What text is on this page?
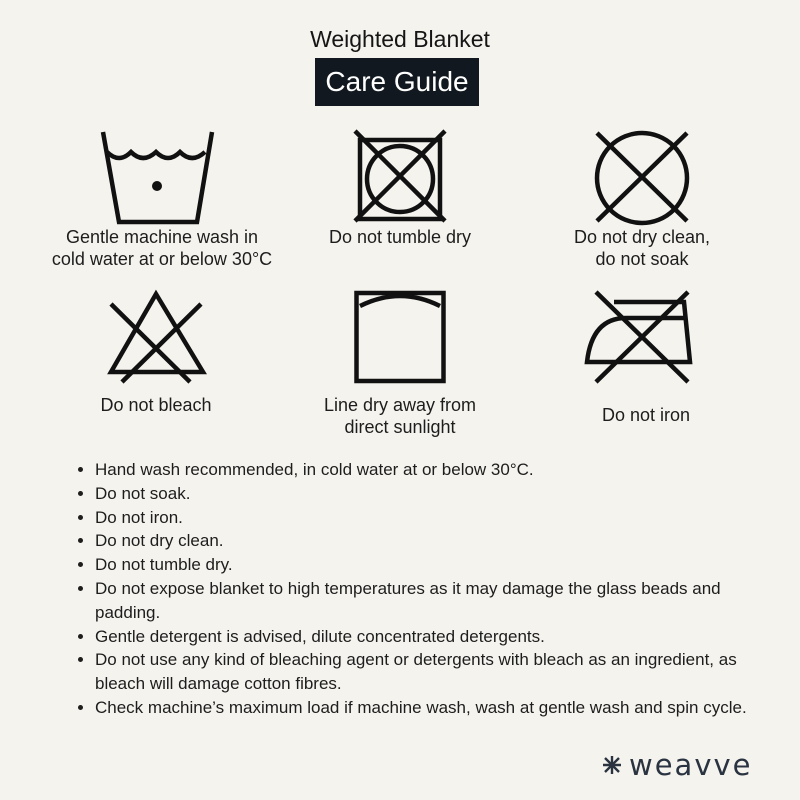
Weighted Blanket
Care Guide
Gentle machine wash in
cold water at or below 30°C
Do not tumble dry	Do not dry clean,
do not soak
Do not bleach	Line dry away from
direct sunlight
Do not iron
• Hand wash recommended, in cold water at or below 30°C.
• Do not soak.
• Do not iron.
• Do not dry clean.
• Do not tumble dry.
• Do not expose blanket to high temperatures as it may damage the glass beads and padding.
• Gentle detergent is advised, dilute concentrated detergents.
• Do not use any kind of bleaching agent or detergents with bleach as an ingredient, as bleach will damage cotton fibres.
• Check machine’s maximum load if machine wash, wash at gentle wash and spin cycle.
weavve
